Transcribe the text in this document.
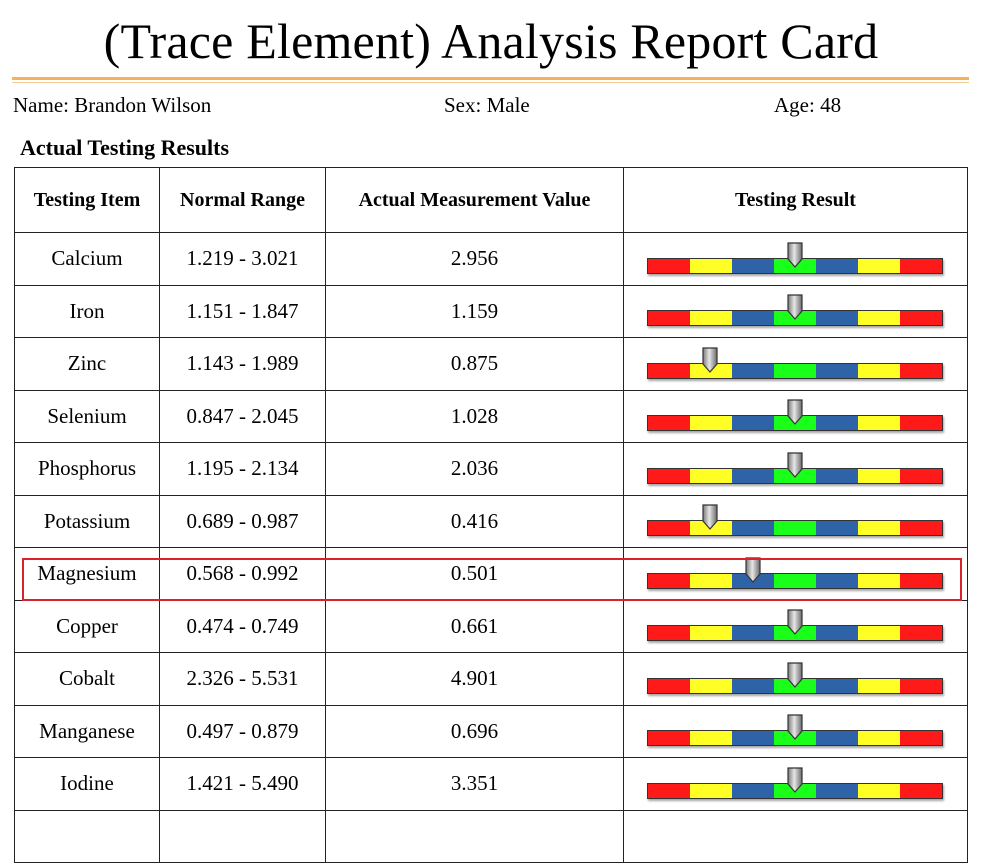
(Trace Element) Analysis Report Card
Name: Brandon Wilson	Sex: Male	Age: 48
Actual Testing Results
Testing Item	Normal Range	Actual Measurement Value	Testing Result
Calcium	1.219 - 3.021	2.956	

Iron	1.151 - 1.847	1.159	

Zinc	1.143 - 1.989	0.875	

Selenium	0.847 - 2.045	1.028	

Phosphorus	1.195 - 2.134	2.036	

Potassium	0.689 - 0.987	0.416	

Magnesium	0.568 - 0.992	0.501	

Copper	0.474 - 0.749	0.661	

Cobalt	2.326 - 5.531	4.901	

Manganese	0.497 - 0.879	0.696	

Iodine	1.421 - 5.490	3.351	
